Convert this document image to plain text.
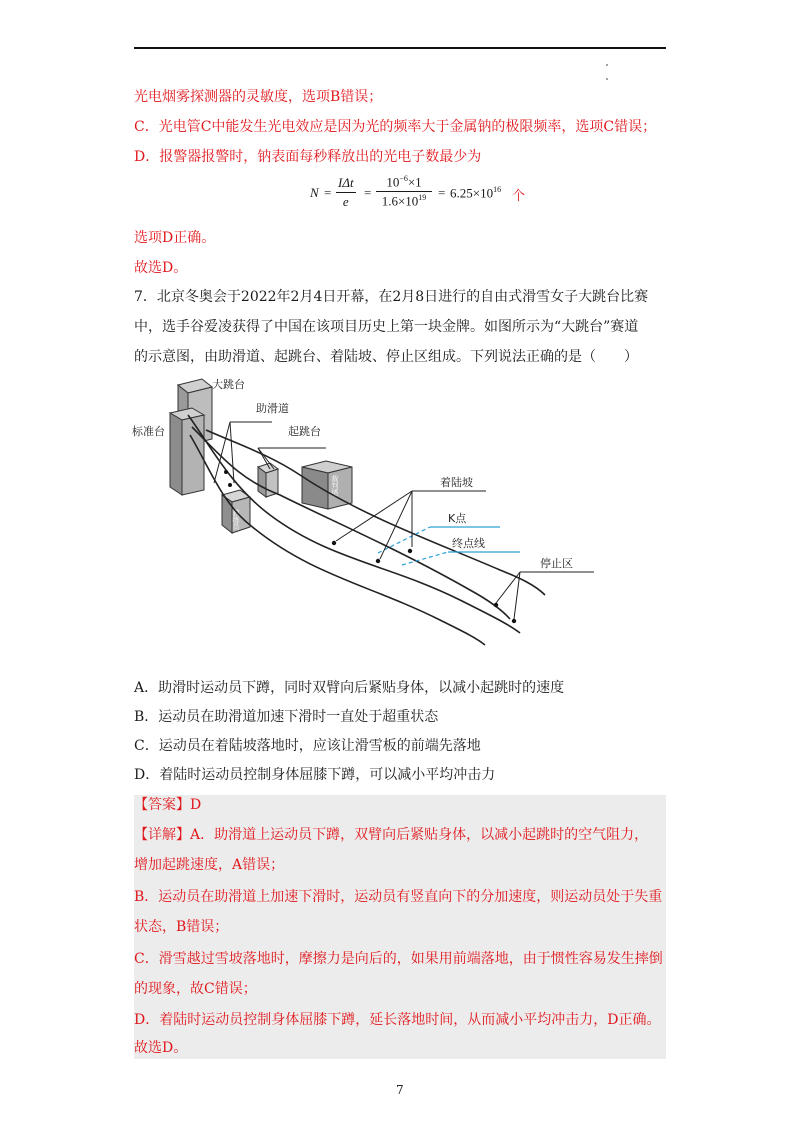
光电烟雾探测器的灵敏度，选项B错误；
C．光电管C中能发生光电效应是因为光的频率大于金属钠的极限频率，选项C错误；
D．报警器报警时，钠表面每秒释放出的光电子数最少为
N =
IΔt
e
= $\frac{10^{-6}\times 1}{1.6\times 10^{19}} = 6.25\times 10^{16}$ 个
选项D正确。
故选D。
7．北京冬奥会于2022年2月4日开幕，在2月8日进行的自由式滑雪女子大跳台比赛
中，选手谷爱凌获得了中国在该项目历史上第一块金牌。如图所示为“大跳台”赛道
的示意图，由助滑道、起跳台、着陆坡、停止区组成。下列说法正确的是（　　）
教练员
裁判塔
大跳台
标准台
助滑道
起跳台
着陆坡
K点
终点线
停止区
A．助滑时运动员下蹲，同时双臂向后紧贴身体，以减小起跳时的速度
B．运动员在助滑道加速下滑时一直处于超重状态
C．运动员在着陆坡落地时，应该让滑雪板的前端先落地
D．着陆时运动员控制身体屈膝下蹲，可以减小平均冲击力
【答案】D
【详解】A．助滑道上运动员下蹲，双臂向后紧贴身体，以减小起跳时的空气阻力，
增加起跳速度，A错误；
B．运动员在助滑道上加速下滑时，运动员有竖直向下的分加速度，则运动员处于失重
状态，B错误；
C．滑雪越过雪坡落地时，摩擦力是向后的，如果用前端落地，由于惯性容易发生摔倒
的现象，故C错误；
D．着陆时运动员控制身体屈膝下蹲，延长落地时间，从而减小平均冲击力，D正确。
故选D。
7
